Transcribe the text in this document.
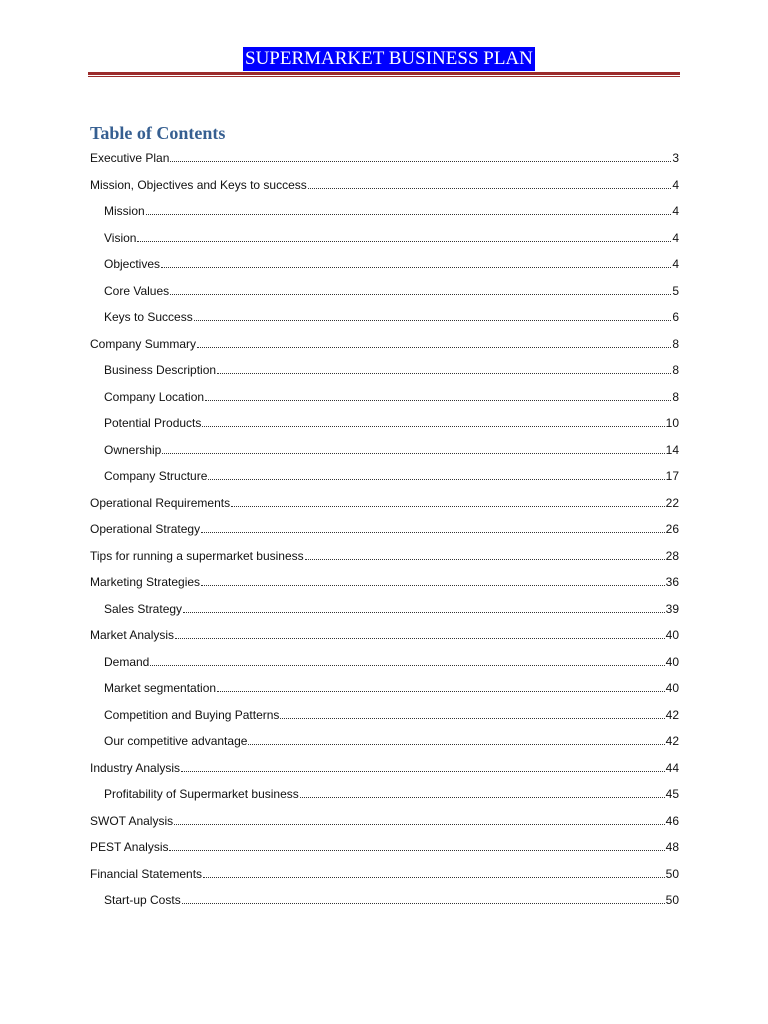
SUPERMARKET BUSINESS PLAN
Table of Contents
Executive Plan	3
Mission, Objectives and Keys to success	4
Mission	4
Vision	4
Objectives	4
Core Values	5
Keys to Success	6
Company Summary	8
Business Description	8
Company Location	8
Potential Products	10
Ownership	14
Company Structure	17
Operational Requirements	22
Operational Strategy	26
Tips for running a supermarket business	28
Marketing Strategies	36
Sales Strategy	39
Market Analysis	40
Demand	40
Market segmentation	40
Competition and Buying Patterns	42
Our competitive advantage	42
Industry Analysis	44
Profitability of Supermarket business	45
SWOT Analysis	46
PEST Analysis	48
Financial Statements	50
Start-up Costs	50
